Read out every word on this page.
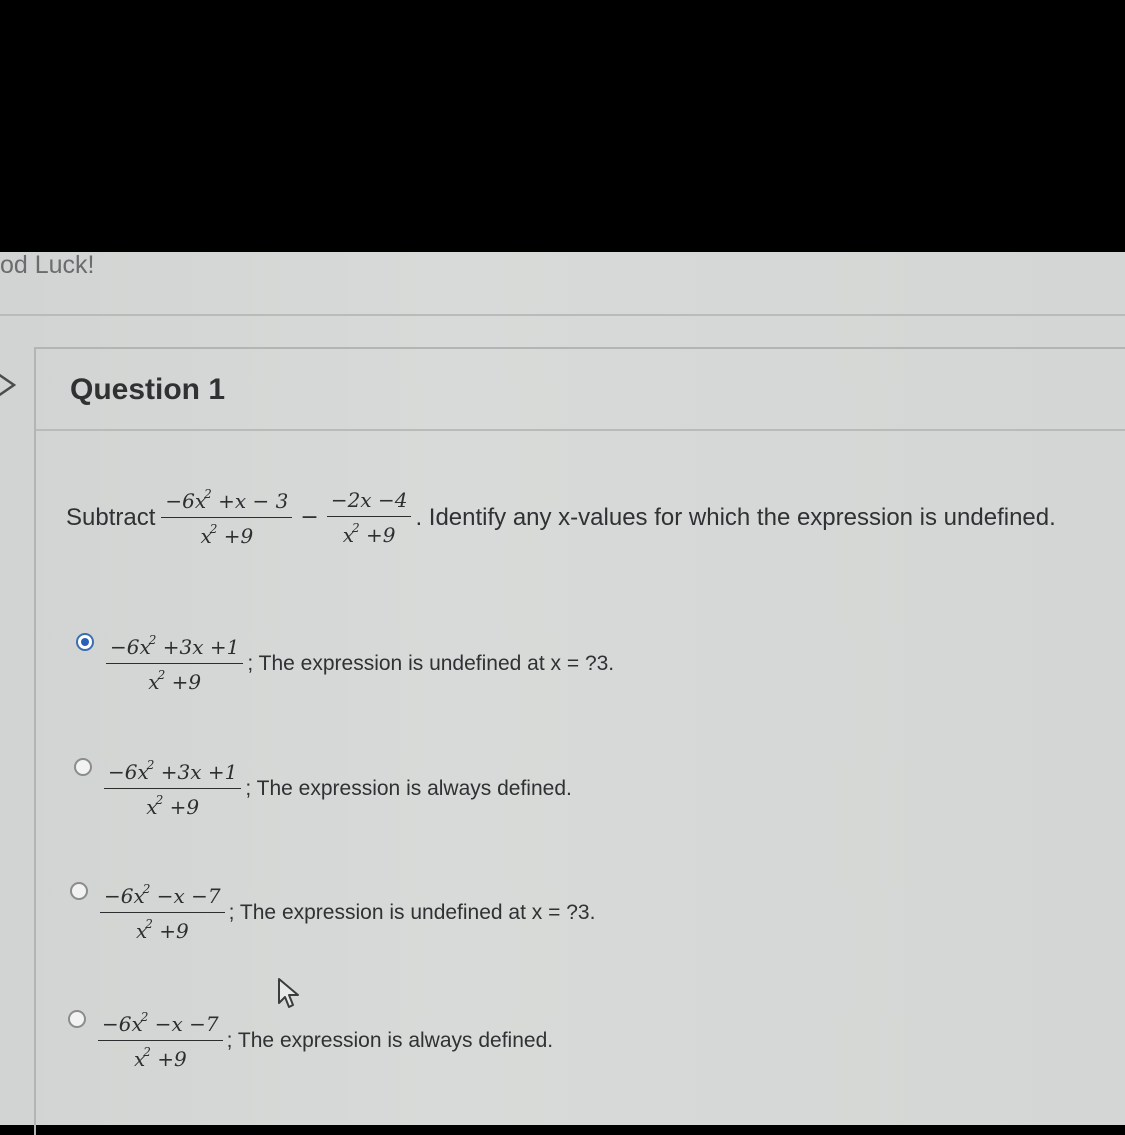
od Luck!
Question 1
Subtract $\frac{-6x^2 +x - 3}{x^2 +9} - \frac{-2x -4}{x^2 +9}$ . Identify any x-values for which the expression is undefined.
$\frac{-6x^2 +3x +1}{x^2 +9}$ ; The expression is undefined at x = ?3.
$\frac{-6x^2 +3x +1}{x^2 +9}$ ; The expression is always defined.
$\frac{-6x^2 -x -7}{x^2 +9}$ ; The expression is undefined at x = ?3.
$\frac{-6x^2 -x -7}{x^2 +9}$ ; The expression is always defined.
